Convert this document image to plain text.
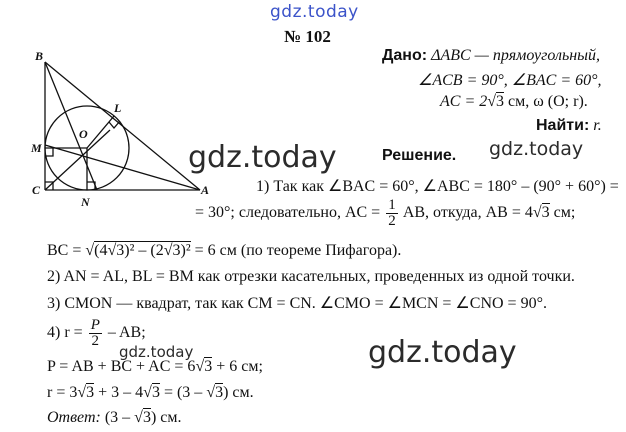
gdz.today
№ 102
B
L
O
M
C
N
A
gdz.today
Дано: ΔABC — прямоугольный,
∠ACB = 90°, ∠BAC = 60°,
AC = 2√3 см, ω (O; r).
Найти: r.
Решение. gdz.today
1) Так как ∠BAC = 60°, ∠ABC = 180° – (90° + 60°) =
= 30°; следовательно, AC = $\frac{1}{2}$ AB, откуда, AB = 4√3 см;
BC = √(4√3)² – (2√3)² = 6 см (по теореме Пифагора).
2) AN = AL, BL = BM как отрезки касательных, проведенных из одной точки.
3) CMON — квадрат, так как CM = CN. ∠CMO = ∠MCN = ∠CNO = 90°.
4) $r = \frac{P}{2}$ – AB;
gdz.today	gdz.today
P = AB + BC + AC = 6√3 + 6 см;
r = 3√3 + 3 – 4√3 = (3 – √3) см.
Ответ: (3 – √3) см.
